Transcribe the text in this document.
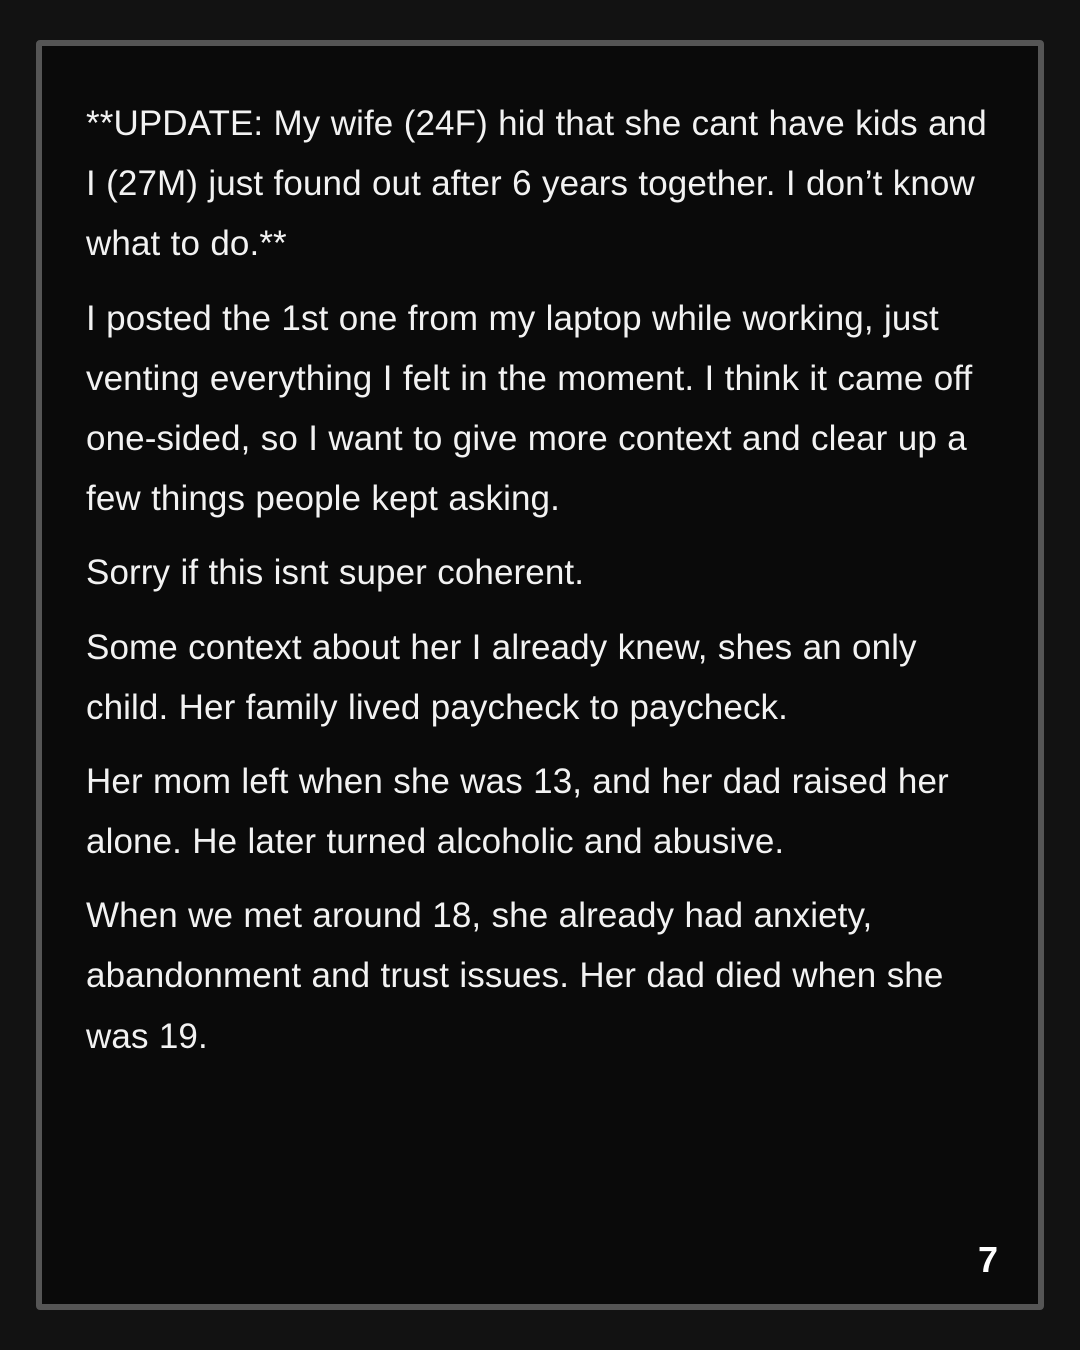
**UPDATE: My wife (24F) hid that she cant have kids and I (27M) just found out after 6 years together. I don’t know what to do.**

I posted the 1st one from my laptop while working, just venting everything I felt in the moment. I think it came off one-sided, so I want to give more context and clear up a few things people kept asking.

Sorry if this isnt super coherent.

Some context about her I already knew, shes an only child. Her family lived paycheck to paycheck.

Her mom left when she was 13, and her dad raised her alone. He later turned alcoholic and abusive.

When we met around 18, she already had anxiety, abandonment and trust issues. Her dad died when she was 19.

7
